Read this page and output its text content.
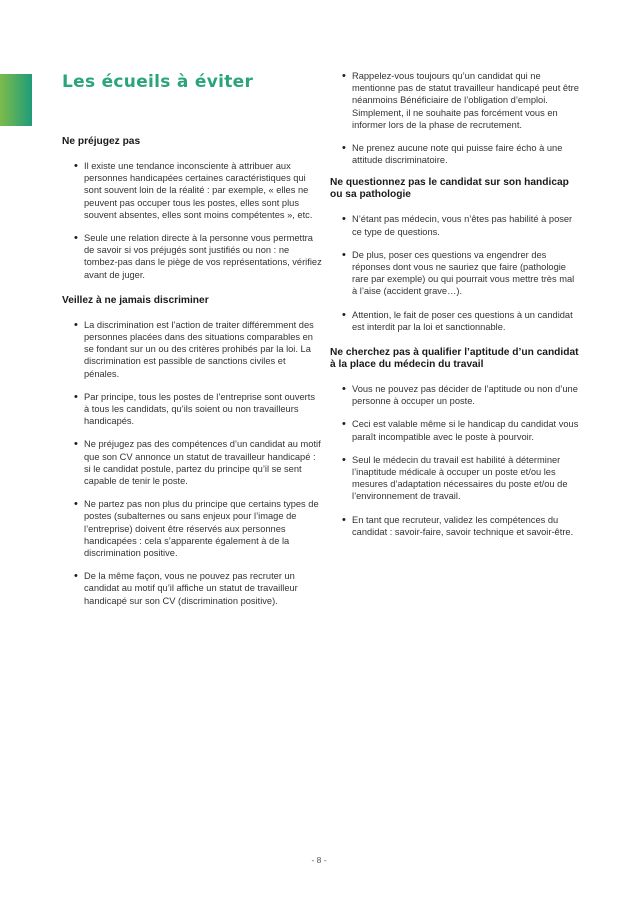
Les écueils à éviter
Ne préjugez pas
• Il existe une tendance inconsciente à attribuer aux personnes handicapées certaines caractéristiques qui sont souvent loin de la réalité : par exemple, « elles ne peuvent pas occuper tous les postes, elles sont plus souvent absentes, elles sont moins compétentes », etc.
• Seule une relation directe à la personne vous permettra de savoir si vos préjugés sont justifiés ou non : ne tombez-pas dans le piège de vos représentations, vérifiez avant de juger.
Veillez à ne jamais discriminer
• La discrimination est l’action de traiter différemment des personnes placées dans des situations comparables en se fondant sur un ou des critères prohibés par la loi. La discrimination est passible de sanctions civiles et pénales.
• Par principe, tous les postes de l’entreprise sont ouverts à tous les candidats, qu’ils soient ou non travailleurs handicapés.
• Ne préjugez pas des compétences d’un candidat au motif que son CV annonce un statut de travailleur handicapé : si le candidat postule, partez du principe qu’il se sent capable de tenir le poste.
• Ne partez pas non plus du principe que certains types de postes (subalternes ou sans enjeux pour l’image de l’entreprise) doivent être réservés aux personnes handicapées : cela s’apparente également à de la discrimination positive.
• De la même façon, vous ne pouvez pas recruter un candidat au motif qu’il affiche un statut de travailleur handicapé sur son CV (discrimination positive).
• Rappelez-vous toujours qu’un candidat qui ne mentionne pas de statut travailleur handicapé peut être néanmoins Bénéficiaire de l’obligation d’emploi. Simplement, il ne souhaite pas forcément vous en informer lors de la phase de recrutement.
• Ne prenez aucune note qui puisse faire écho à une attitude discriminatoire.
Ne questionnez pas le candidat sur son handicap ou sa pathologie
• N’étant pas médecin, vous n’êtes pas habilité à poser ce type de questions.
• De plus, poser ces questions va engendrer des réponses dont vous ne sauriez que faire (pathologie rare par exemple) ou qui pourrait vous mettre très mal à l’aise (accident grave…).
• Attention, le fait de poser ces questions à un candidat est interdit par la loi et sanctionnable.
Ne cherchez pas à qualifier l’aptitude d’un candidat à la place du médecin du travail
• Vous ne pouvez pas décider de l’aptitude ou non d’une personne à occuper un poste.
• Ceci est valable même si le handicap du candidat vous paraît incompatible avec le poste à pourvoir.
• Seul le médecin du travail est habilité à déterminer l’inaptitude médicale à occuper un poste et/ou les mesures d’adaptation nécessaires du poste et/ou de l’environnement de travail.
• En tant que recruteur, validez les compétences du candidat : savoir-faire, savoir technique et savoir-être.
- 8 -
